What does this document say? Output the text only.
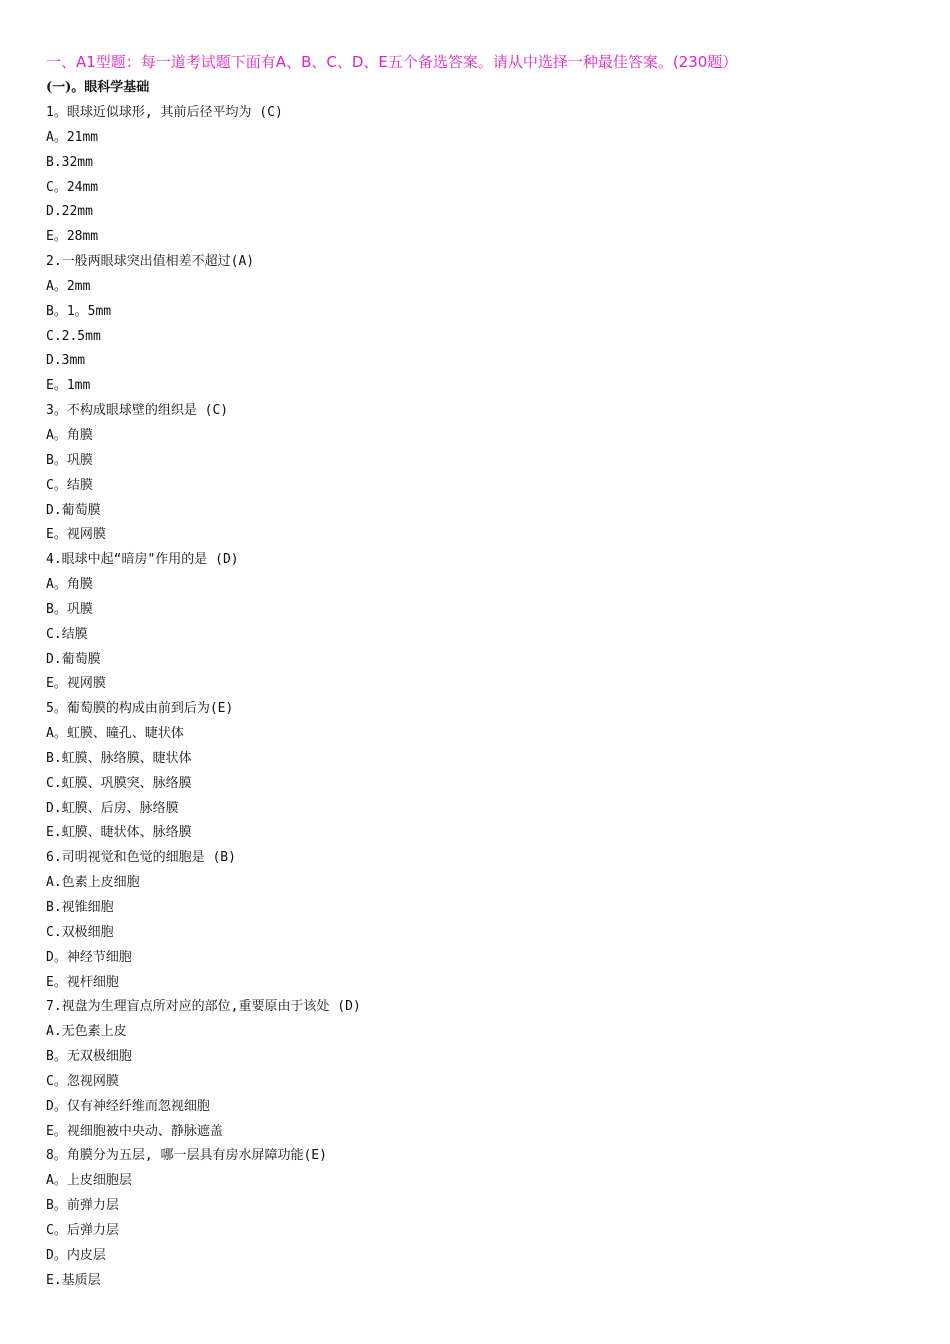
一、A1型题：每一道考试题下面有A、B、C、D、E五个备选答案。请从中选择一种最佳答案。(230题）
(一)。眼科学基础
1。眼球近似球形, 其前后径平均为 (C)
A。21mm
B.32mm
C。24mm
D.22mm
E。28mm
2.一般两眼球突出值相差不超过(A)
A。2mm
B。1。5mm
C.2.5mm
D.3mm
E。1mm
3。不构成眼球壁的组织是 (C)
A。角膜
B。巩膜
C。结膜
D.葡萄膜
E。视网膜
4.眼球中起“暗房"作用的是 (D)
A。角膜
B。巩膜
C.结膜
D.葡萄膜
E。视网膜
5。葡萄膜的构成由前到后为(E)
A。虹膜、瞳孔、睫状体
B.虹膜、脉络膜、睫状体
C.虹膜、巩膜突、脉络膜
D.虹膜、后房、脉络膜
E.虹膜、睫状体、脉络膜
6.司明视觉和色觉的细胞是 (B)
A.色素上皮细胞
B.视锥细胞
C.双极细胞
D。神经节细胞
E。视杆细胞
7.视盘为生理盲点所对应的部位,重要原由于该处 (D)
A.无色素上皮
B。无双极细胞
C。忽视网膜
D。仅有神经纤维而忽视细胞
E。视细胞被中央动、静脉遮盖
8。角膜分为五层, 哪一层具有房水屏障功能(E)
A。上皮细胞层
B。前弹力层
C。后弹力层
D。内皮层
E.基质层
